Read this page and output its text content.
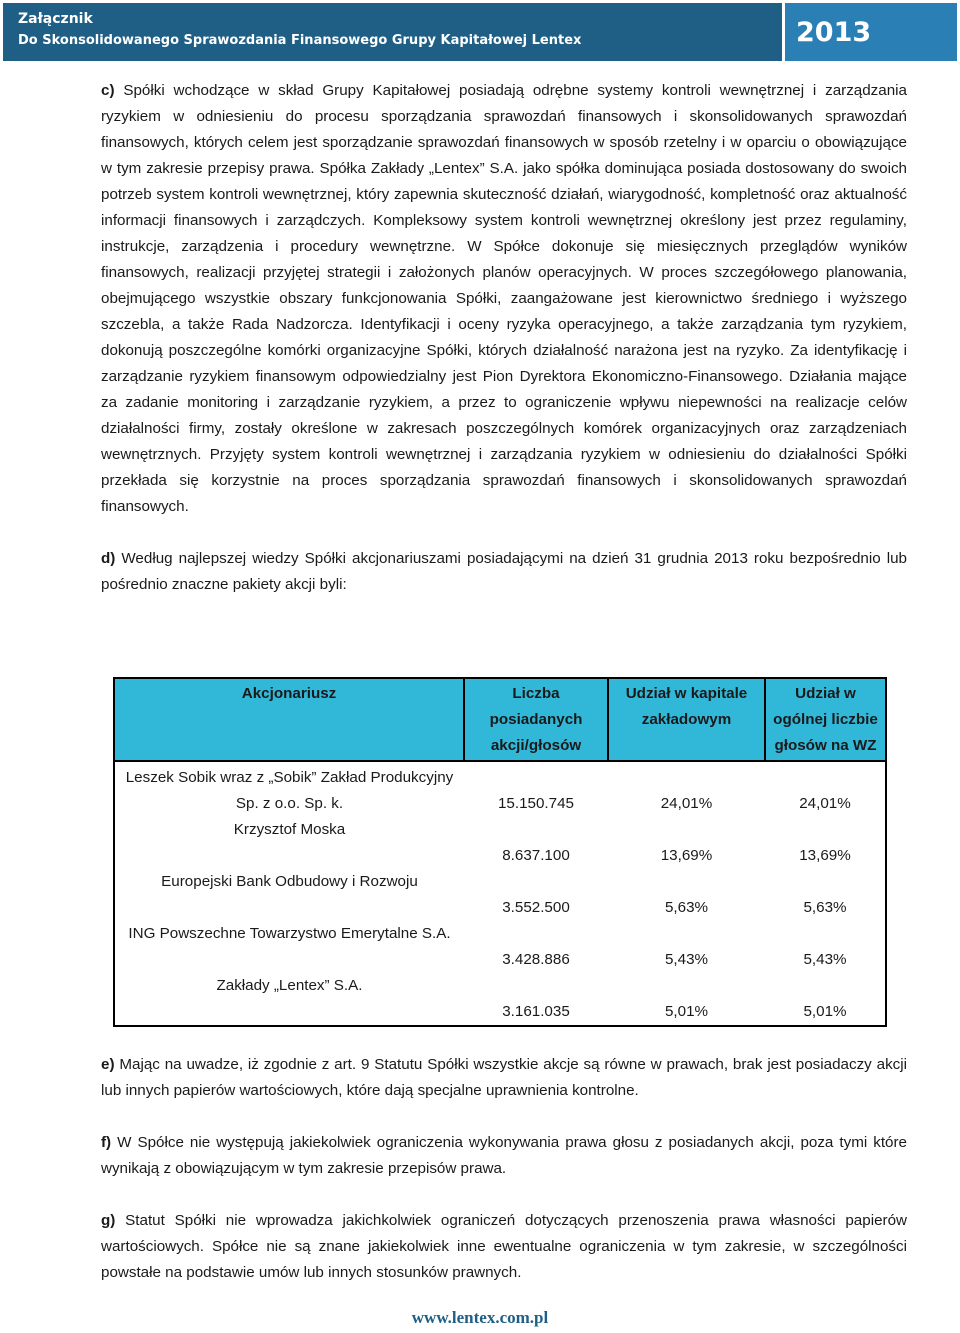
Załącznik
Do Skonsolidowanego Sprawozdania Finansowego Grupy Kapitałowej Lentex	2013

c) Spółki wchodzące w skład Grupy Kapitałowej posiadają odrębne systemy kontroli wewnętrznej i zarządzania ryzykiem w odniesieniu do procesu sporządzania sprawozdań finansowych i skonsolidowanych sprawozdań finansowych, których celem jest sporządzanie sprawozdań finansowych w sposób rzetelny i w oparciu o obowiązujące w tym zakresie przepisy prawa. Spółka Zakłady „Lentex” S.A. jako spółka dominująca posiada dostosowany do swoich potrzeb system kontroli wewnętrznej, który zapewnia skuteczność działań, wiarygodność, kompletność oraz aktualność informacji finansowych i zarządczych. Kompleksowy system kontroli wewnętrznej określony jest przez regulaminy, instrukcje, zarządzenia i procedury wewnętrzne. W Spółce dokonuje się miesięcznych przeglądów wyników finansowych, realizacji przyjętej strategii i założonych planów operacyjnych. W proces szczegółowego planowania, obejmującego wszystkie obszary funkcjonowania Spółki, zaangażowane jest kierownictwo średniego i wyższego szczebla, a także Rada Nadzorcza. Identyfikacji i oceny ryzyka operacyjnego, a także zarządzania tym ryzykiem, dokonują poszczególne komórki organizacyjne Spółki, których działalność narażona jest na ryzyko. Za identyfikację i zarządzanie ryzykiem finansowym odpowiedzialny jest Pion Dyrektora Ekonomiczno-Finansowego. Działania mające za zadanie monitoring i zarządzanie ryzykiem, a przez to ograniczenie wpływu niepewności na realizacje celów działalności firmy, zostały określone w zakresach poszczególnych komórek organizacyjnych oraz zarządzeniach wewnętrznych. Przyjęty system kontroli wewnętrznej i zarządzania ryzykiem w odniesieniu do działalności Spółki przekłada się korzystnie na proces sporządzania sprawozdań finansowych i skonsolidowanych sprawozdań finansowych.

d) Według najlepszej wiedzy Spółki akcjonariuszami posiadającymi na dzień 31 grudnia 2013 roku bezpośrednio lub pośrednio znaczne pakiety akcji byli:

Akcjonariusz	Liczba posiadanych akcji/głosów	Udział w kapitale zakładowym	Udział w ogólnej liczbie głosów na WZ
Leszek Sobik wraz z „Sobik” Zakład Produkcyjny Sp. z o.o. Sp. k.	15.150.745	24,01%	24,01%
Krzysztof Moska	8.637.100	13,69%	13,69%
Europejski Bank Odbudowy i Rozwoju	3.552.500	5,63%	5,63%
ING Powszechne Towarzystwo Emerytalne S.A.	3.428.886	5,43%	5,43%
Zakłady „Lentex” S.A.	3.161.035	5,01%	5,01%

e) Mając na uwadze, iż zgodnie z art. 9 Statutu Spółki wszystkie akcje są równe w prawach, brak jest posiadaczy akcji lub innych papierów wartościowych, które dają specjalne uprawnienia kontrolne.

f) W Spółce nie występują jakiekolwiek ograniczenia wykonywania prawa głosu z posiadanych akcji, poza tymi które wynikają z obowiązującym w tym zakresie przepisów prawa.

g) Statut Spółki nie wprowadza jakichkolwiek ograniczeń dotyczących przenoszenia prawa własności papierów wartościowych. Spółce nie są znane jakiekolwiek inne ewentualne ograniczenia w tym zakresie, w szczególności powstałe na podstawie umów lub innych stosunków prawnych.

www.lentex.com.pl
